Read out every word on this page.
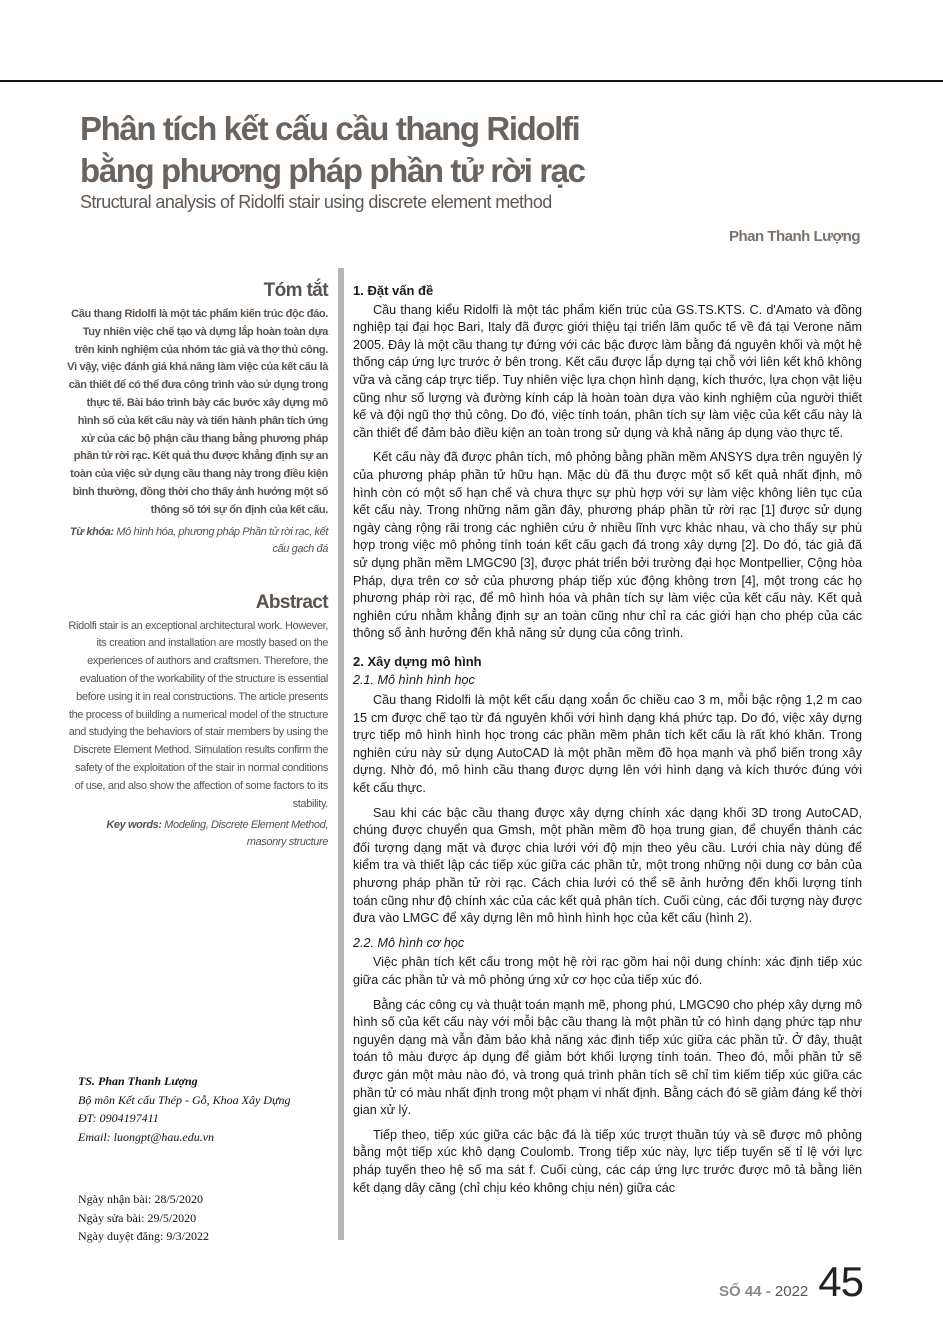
Phân tích kết cấu cầu thang Ridolfi
bằng phương pháp phần tử rời rạc
Structural analysis of Ridolfi stair using discrete element method
Phan Thanh Lượng
Tóm tắt

Cầu thang Ridolfi là một tác phẩm kiến trúc độc đáo. Tuy nhiên việc chế tạo và dựng lắp hoàn toàn dựa trên kinh nghiệm của nhóm tác giả và thợ thủ công. Vì vậy, việc đánh giá khả năng làm việc của kết cấu là cần thiết để có thể đưa công trình vào sử dụng trong thực tế. Bài báo trình bày các bước xây dựng mô hình số của kết cấu này và tiến hành phân tích ứng xử của các bộ phận cầu thang bằng phương pháp phần tử rời rạc. Kết quả thu được khẳng định sự an toàn của việc sử dụng cầu thang này trong điều kiện bình thường, đồng thời cho thấy ảnh hưởng một số thông số tới sự ổn định của kết cấu.

Từ khóa: Mô hình hóa, phương pháp Phần tử rời rạc, kết cấu gạch đá
Abstract

Ridolfi stair is an exceptional architectural work. However, its creation and installation are mostly based on the experiences of authors and craftsmen. Therefore, the evaluation of the workability of the structure is essential before using it in real constructions. The article presents the process of building a numerical model of the structure and studying the behaviors of stair members by using the Discrete Element Method. Simulation results confirm the safety of the exploitation of the stair in normal conditions of use, and also show the affection of some factors to its stability.

Key words: Modeling, Discrete Element Method, masonry structure
TS. Phan Thanh Lượng
Bộ môn Kết cấu Thép - Gỗ, Khoa Xây Dựng
ĐT: 0904197411
Email: luongpt@hau.edu.vn
Ngày nhận bài: 28/5/2020
Ngày sửa bài: 29/5/2020
Ngày duyệt đăng: 9/3/2022
1. Đặt vấn đề

Cầu thang kiểu Ridolfi là một tác phẩm kiến trúc của GS.TS.KTS. C. d'Amato và đồng nghiệp tại đại học Bari, Italy đã được giới thiệu tại triển lãm quốc tế về đá tại Verone năm 2005. Đây là một cầu thang tự đứng với các bậc được làm bằng đá nguyên khối và một hệ thống cáp ứng lực trước ở bên trong. Kết cấu được lắp dựng tại chỗ với liên kết khô không vữa và căng cáp trực tiếp. Tuy nhiên việc lựa chọn hình dạng, kích thước, lựa chọn vật liệu cũng như số lượng và đường kính cáp là hoàn toàn dựa vào kinh nghiệm của người thiết kế và đội ngũ thợ thủ công. Do đó, việc tính toán, phân tích sự làm việc của kết cấu này là cần thiết để đảm bảo điều kiện an toàn trong sử dụng và khả năng áp dụng vào thực tế.

Kết cấu này đã được phân tích, mô phỏng bằng phần mềm ANSYS dựa trên nguyên lý của phương pháp phần tử hữu hạn. Mặc dù đã thu được một số kết quả nhất định, mô hình còn có một số hạn chế và chưa thực sự phù hợp với sự làm việc không liên tục của kết cấu này. Trong những năm gần đây, phương pháp phần tử rời rạc [1] được sử dụng ngày càng rộng rãi trong các nghiên cứu ở nhiều lĩnh vực khác nhau, và cho thấy sự phù hợp trong việc mô phỏng tính toán kết cấu gạch đá trong xây dựng [2]. Do đó, tác giả đã sử dụng phần mềm LMGC90 [3], được phát triển bởi trường đại học Montpellier, Cộng hòa Pháp, dựa trên cơ sở của phương pháp tiếp xúc động không trơn [4], một trong các họ phương pháp rời rạc, để mô hình hóa và phân tích sự làm việc của kết cấu này. Kết quả nghiên cứu nhằm khẳng định sự an toàn cũng như chỉ ra các giới hạn cho phép của các thông số ảnh hưởng đến khả năng sử dụng của công trình.

2. Xây dựng mô hình
2.1. Mô hình hình học

Cầu thang Ridolfi là một kết cấu dạng xoắn ốc chiều cao 3 m, mỗi bậc rộng 1,2 m cao 15 cm được chế tạo từ đá nguyên khối với hình dạng khá phức tạp. Do đó, việc xây dựng trực tiếp mô hình hình học trong các phần mềm phân tích kết cấu là rất khó khăn. Trong nghiên cứu này sử dụng AutoCAD là một phần mềm đồ họa mạnh và phổ biến trong xây dựng. Nhờ đó, mô hình cầu thang được dựng lên với hình dạng và kích thước đúng với kết cấu thực.

Sau khi các bậc cầu thang được xây dựng chính xác dạng khối 3D trong AutoCAD, chúng được chuyển qua Gmsh, một phần mềm đồ họa trung gian, để chuyển thành các đối tượng dạng mặt và được chia lưới với độ mịn theo yêu cầu. Lưới chia này dùng để kiểm tra và thiết lập các tiếp xúc giữa các phần tử, một trong những nội dung cơ bản của phương pháp phần tử rời rạc. Cách chia lưới có thể sẽ ảnh hưởng đến khối lượng tính toán cũng như độ chính xác của các kết quả phân tích. Cuối cùng, các đối tượng này được đưa vào LMGC để xây dựng lên mô hình hình học của kết cấu (hình 2).

2.2. Mô hình cơ học

Việc phân tích kết cấu trong một hệ rời rạc gồm hai nội dung chính: xác định tiếp xúc giữa các phần tử và mô phỏng ứng xử cơ học của tiếp xúc đó.

Bằng các công cụ và thuật toán mạnh mẽ, phong phú, LMGC90 cho phép xây dựng mô hình số của kết cấu này với mỗi bậc cầu thang là một phần tử có hình dạng phức tạp như nguyên dạng mà vẫn đảm bảo khả năng xác định tiếp xúc giữa các phần tử. Ở đây, thuật toán tô màu được áp dụng để giảm bớt khối lượng tính toán. Theo đó, mỗi phần tử sẽ được gán một màu nào đó, và trong quá trình phân tích sẽ chỉ tìm kiếm tiếp xúc giữa các phần tử có màu nhất định trong một phạm vi nhất định. Bằng cách đó sẽ giảm đáng kể thời gian xử lý.

Tiếp theo, tiếp xúc giữa các bậc đá là tiếp xúc trượt thuần túy và sẽ được mô phỏng bằng một tiếp xúc khô dạng Coulomb. Trong tiếp xúc này, lực tiếp tuyến sẽ tỉ lệ với lực pháp tuyến theo hệ số ma sát f. Cuối cùng, các cáp ứng lực trước được mô tả bằng liên kết dạng dây căng (chỉ chịu kéo không chịu nén) giữa các

SỐ 44 - 2022 45
